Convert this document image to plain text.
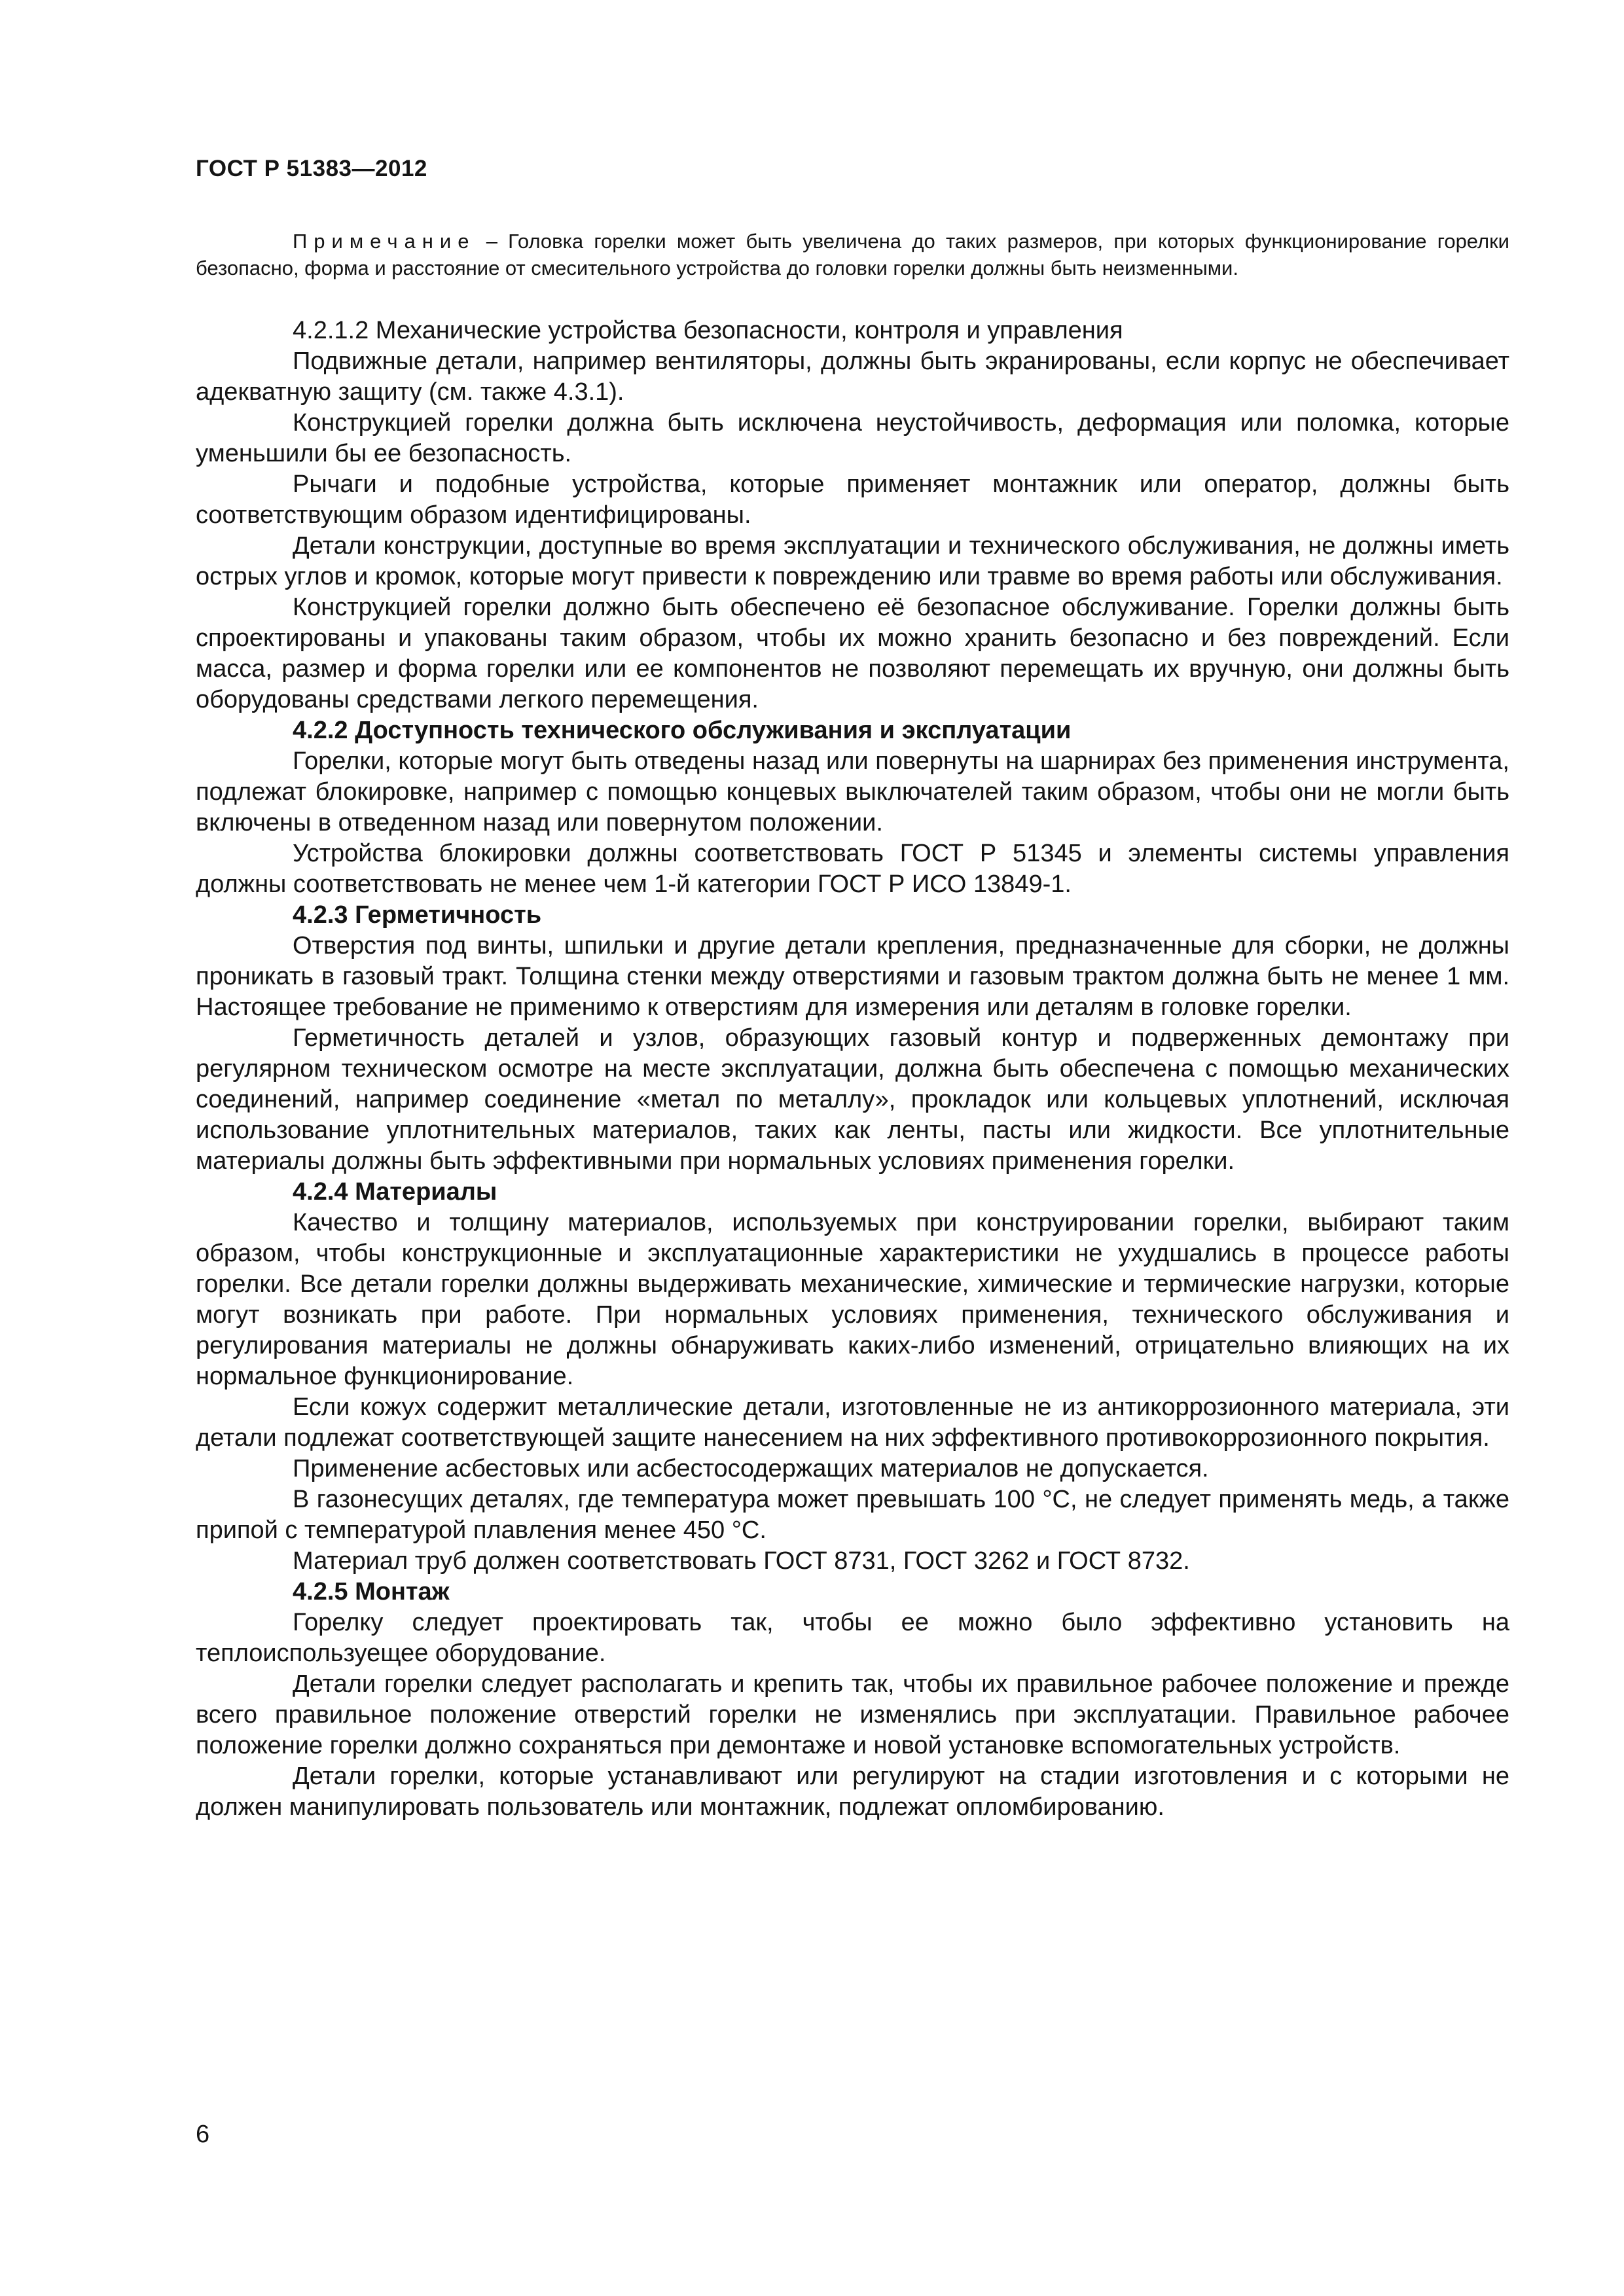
ГОСТ Р 51383—2012

Примечание – Головка горелки может быть увеличена до таких размеров, при которых функционирование горелки безопасно, форма и расстояние от смесительного устройства до головки горелки должны быть неизменными.

4.2.1.2 Механические устройства безопасности, контроля и управления

Подвижные детали, например вентиляторы, должны быть экранированы, если корпус не обеспечивает адекватную защиту (см. также 4.3.1).

Конструкцией горелки должна быть исключена неустойчивость, деформация или поломка, которые уменьшили бы ее безопасность.

Рычаги и подобные устройства, которые применяет монтажник или оператор, должны быть соответствующим образом идентифицированы.

Детали конструкции, доступные во время эксплуатации и технического обслуживания, не должны иметь острых углов и кромок, которые могут привести к повреждению или травме во время работы или обслуживания.

Конструкцией горелки должно быть обеспечено её безопасное обслуживание. Горелки должны быть спроектированы и упакованы таким образом, чтобы их можно хранить безопасно и без повреждений. Если масса, размер и форма горелки или ее компонентов не позволяют перемещать их вручную, они должны быть оборудованы средствами легкого перемещения.

4.2.2 Доступность технического обслуживания и эксплуатации

Горелки, которые могут быть отведены назад или повернуты на шарнирах без применения инструмента, подлежат блокировке, например с помощью концевых выключателей таким образом, чтобы они не могли быть включены в отведенном назад или повернутом положении.

Устройства блокировки должны соответствовать ГОСТ Р 51345 и элементы системы управления должны соответствовать не менее чем 1-й категории ГОСТ Р ИСО 13849-1.

4.2.3 Герметичность

Отверстия под винты, шпильки и другие детали крепления, предназначенные для сборки, не должны проникать в газовый тракт. Толщина стенки между отверстиями и газовым трактом должна быть не менее 1 мм. Настоящее требование не применимо к отверстиям для измерения или деталям в головке горелки.

Герметичность деталей и узлов, образующих газовый контур и подверженных демонтажу при регулярном техническом осмотре на месте эксплуатации, должна быть обеспечена с помощью механических соединений, например соединение «метал по металлу», прокладок или кольцевых уплотнений, исключая использование уплотнительных материалов, таких как ленты, пасты или жидкости. Все уплотнительные материалы должны быть эффективными при нормальных условиях применения горелки.

4.2.4 Материалы

Качество и толщину материалов, используемых при конструировании горелки, выбирают таким образом, чтобы конструкционные и эксплуатационные характеристики не ухудшались в процессе работы горелки. Все детали горелки должны выдерживать механические, химические и термические нагрузки, которые могут возникать при работе. При нормальных условиях применения, технического обслуживания и регулирования материалы не должны обнаруживать каких-либо изменений, отрицательно влияющих на их нормальное функционирование.

Если кожух содержит металлические детали, изготовленные не из антикоррозионного материала, эти детали подлежат соответствующей защите нанесением на них эффективного противокоррозионного покрытия.

Применение асбестовых или асбестосодержащих материалов не допускается.

В газонесущих деталях, где температура может превышать 100 °С, не следует применять медь, а также припой с температурой плавления менее 450 °С.

Материал труб должен соответствовать ГОСТ 8731, ГОСТ 3262 и ГОСТ 8732.

4.2.5 Монтаж

Горелку следует проектировать так, чтобы ее можно было эффективно установить на теплоиспользуещее оборудование.

Детали горелки следует располагать и крепить так, чтобы их правильное рабочее положение и прежде всего правильное положение отверстий горелки не изменялись при эксплуатации. Правильное рабочее положение горелки должно сохраняться при демонтаже и новой установке вспомогательных устройств.

Детали горелки, которые устанавливают или регулируют на стадии изготовления и с которыми не должен манипулировать пользователь или монтажник, подлежат опломбированию.

6
